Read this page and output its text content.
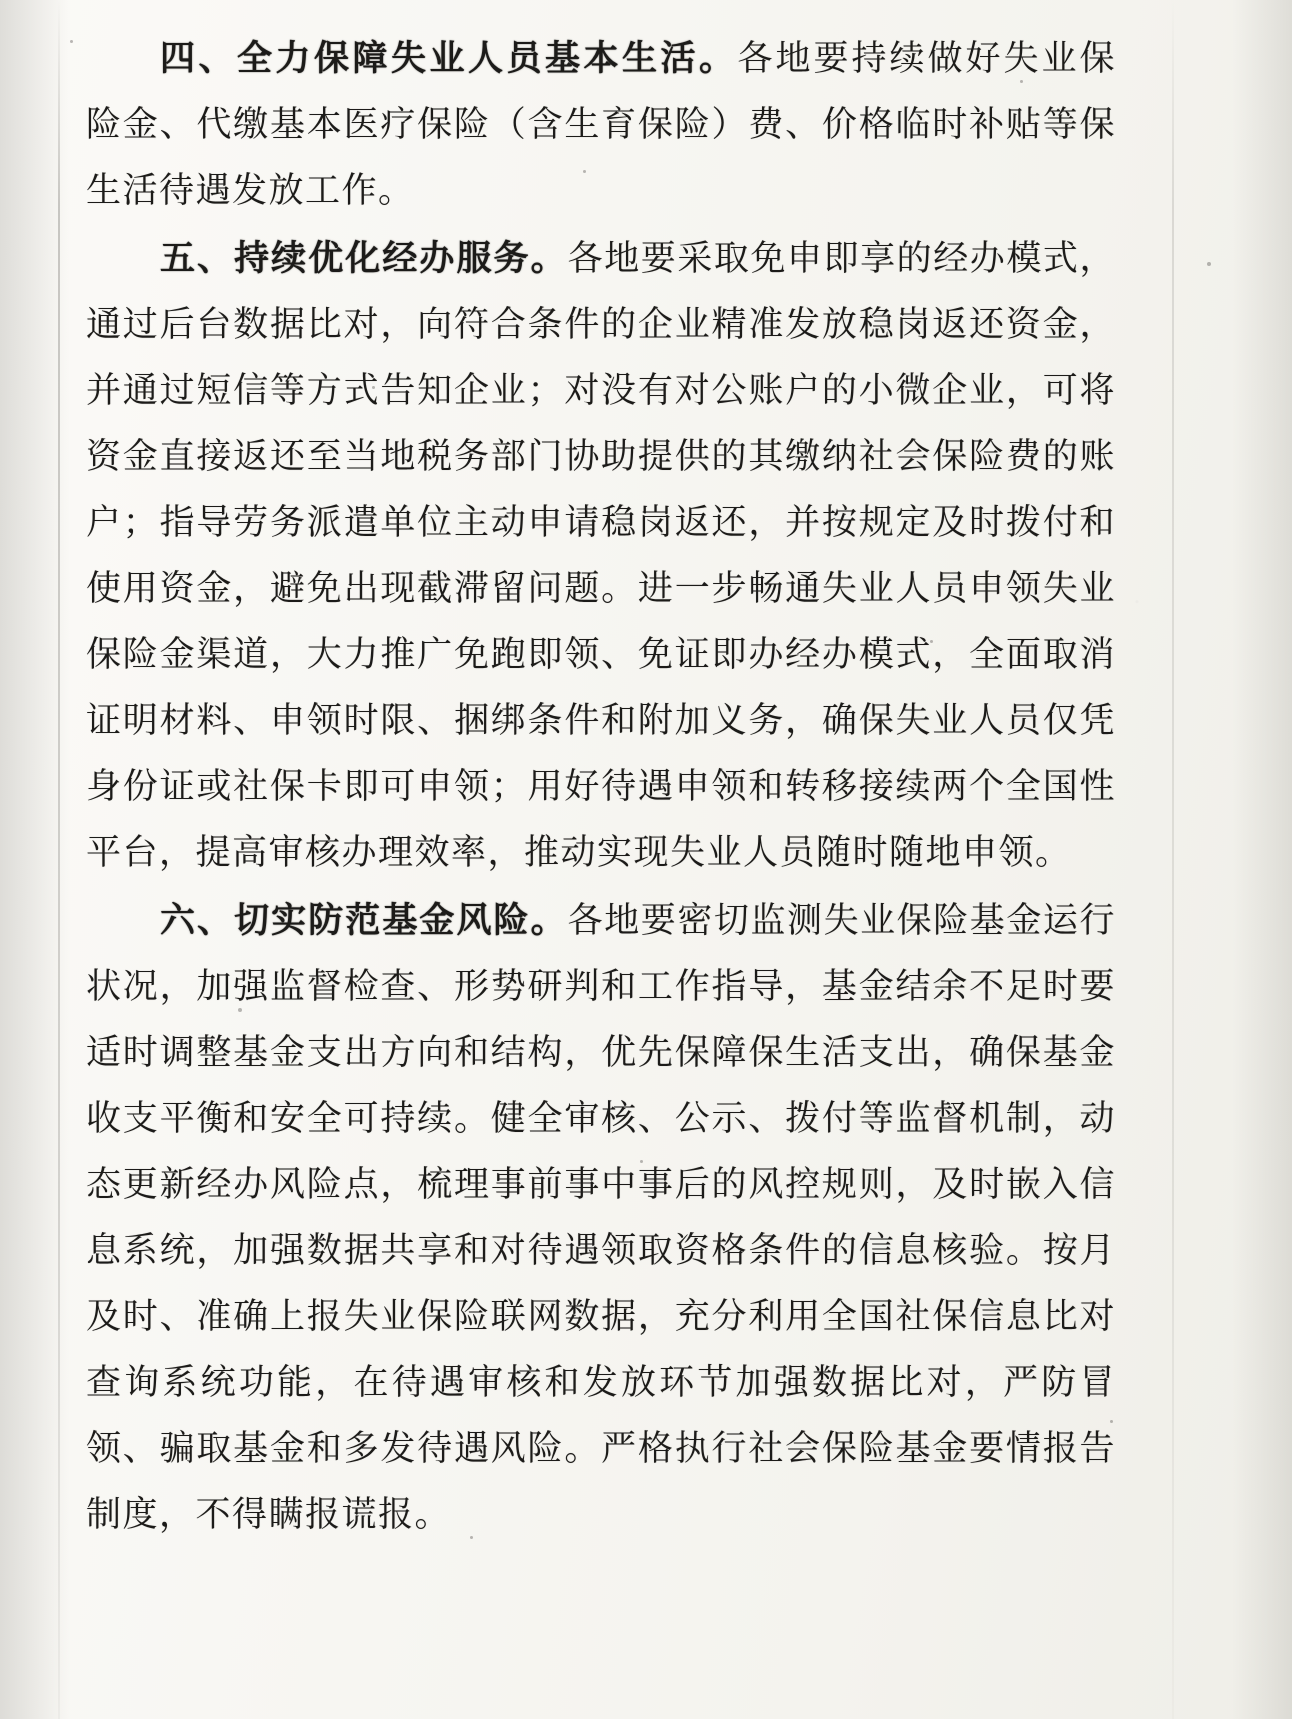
四、全力保障失业人员基本生活。各地要持续做好失业保险金、代缴基本医疗保险（含生育保险）费、价格临时补贴等保生活待遇发放工作。

五、持续优化经办服务。各地要采取免申即享的经办模式，通过后台数据比对，向符合条件的企业精准发放稳岗返还资金，并通过短信等方式告知企业；对没有对公账户的小微企业，可将资金直接返还至当地税务部门协助提供的其缴纳社会保险费的账户；指导劳务派遣单位主动申请稳岗返还，并按规定及时拨付和使用资金，避免出现截滞留问题。进一步畅通失业人员申领失业保险金渠道，大力推广免跑即领、免证即办经办模式，全面取消证明材料、申领时限、捆绑条件和附加义务，确保失业人员仅凭身份证或社保卡即可申领；用好待遇申领和转移接续两个全国性平台，提高审核办理效率，推动实现失业人员随时随地申领。

六、切实防范基金风险。各地要密切监测失业保险基金运行状况，加强监督检查、形势研判和工作指导，基金结余不足时要适时调整基金支出方向和结构，优先保障保生活支出，确保基金收支平衡和安全可持续。健全审核、公示、拨付等监督机制，动态更新经办风险点，梳理事前事中事后的风控规则，及时嵌入信息系统，加强数据共享和对待遇领取资格条件的信息核验。按月及时、准确上报失业保险联网数据，充分利用全国社保信息比对查询系统功能，在待遇审核和发放环节加强数据比对，严防冒领、骗取基金和多发待遇风险。严格执行社会保险基金要情报告制度，不得瞒报谎报。
